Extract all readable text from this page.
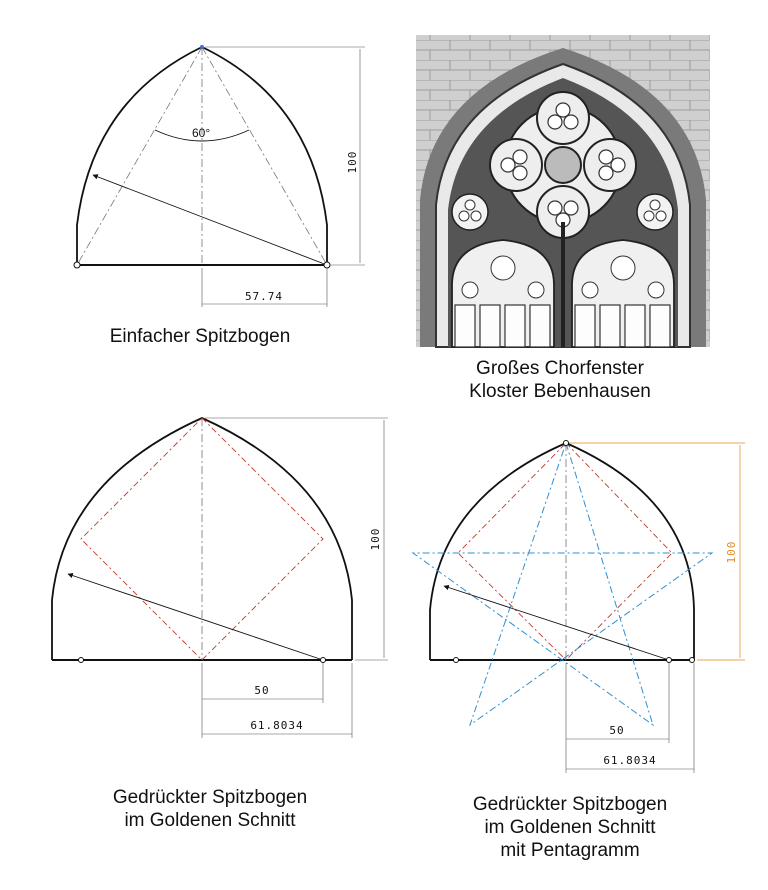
60°
100
57.74
100
50
61.8034
100
50
61.8034
Einfacher Spitzbogen
Großes Chorfenster
Kloster Bebenhausen
Gedrückter Spitzbogen
im Goldenen Schnitt
Gedrückter Spitzbogen
im Goldenen Schnitt
mit Pentagramm
